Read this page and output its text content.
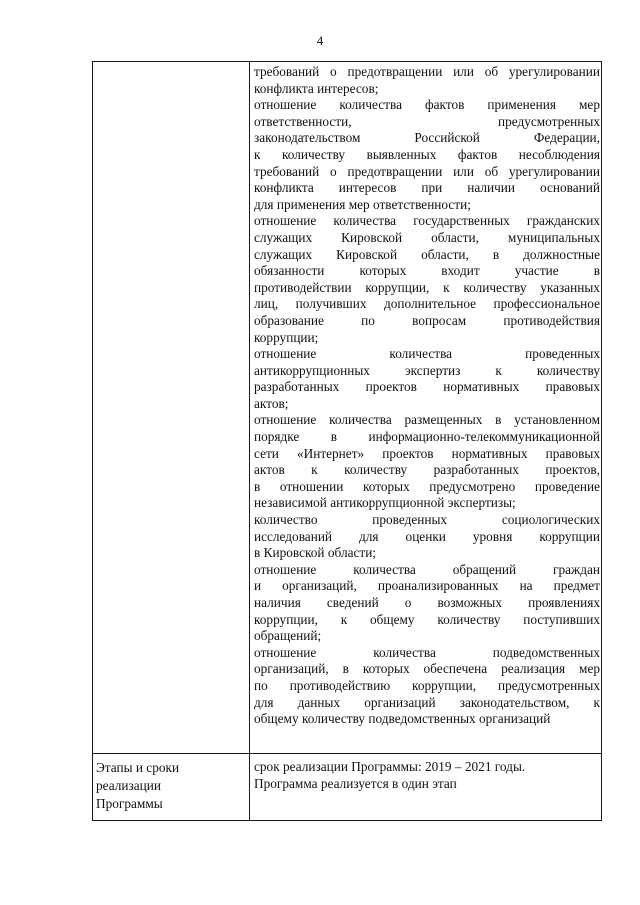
4
требований о предотвращении или об урегулировании
конфликта интересов;
отношение количества фактов применения мер
ответственности, предусмотренных
законодательством Российской Федерации,
к количеству выявленных фактов несоблюдения
требований о предотвращении или об урегулировании
конфликта интересов при наличии оснований
для применения мер ответственности;
отношение количества государственных гражданских
служащих Кировской области, муниципальных
служащих Кировской области, в должностные
обязанности которых входит участие в
противодействии коррупции, к количеству указанных
лиц, получивших дополнительное профессиональное
образование по вопросам противодействия
коррупции;
отношение количества проведенных
антикоррупционных экспертиз к количеству
разработанных проектов нормативных правовых
актов;
отношение количества размещенных в установленном
порядке в информационно-телекоммуникационной
сети «Интернет» проектов нормативных правовых
актов к количеству разработанных проектов,
в отношении которых предусмотрено проведение
независимой антикоррупционной экспертизы;
количество проведенных социологических
исследований для оценки уровня коррупции
в Кировской области;
отношение количества обращений граждан
и организаций, проанализированных на предмет
наличия сведений о возможных проявлениях
коррупции, к общему количеству поступивших
обращений;
отношение количества подведомственных
организаций, в которых обеспечена реализация мер
по противодействию коррупции, предусмотренных
для данных организаций законодательством, к
общему количеству подведомственных организаций
Этапы и сроки
реализации
Программы
срок реализации Программы: 2019 – 2021 годы.
Программа реализуется в один этап
